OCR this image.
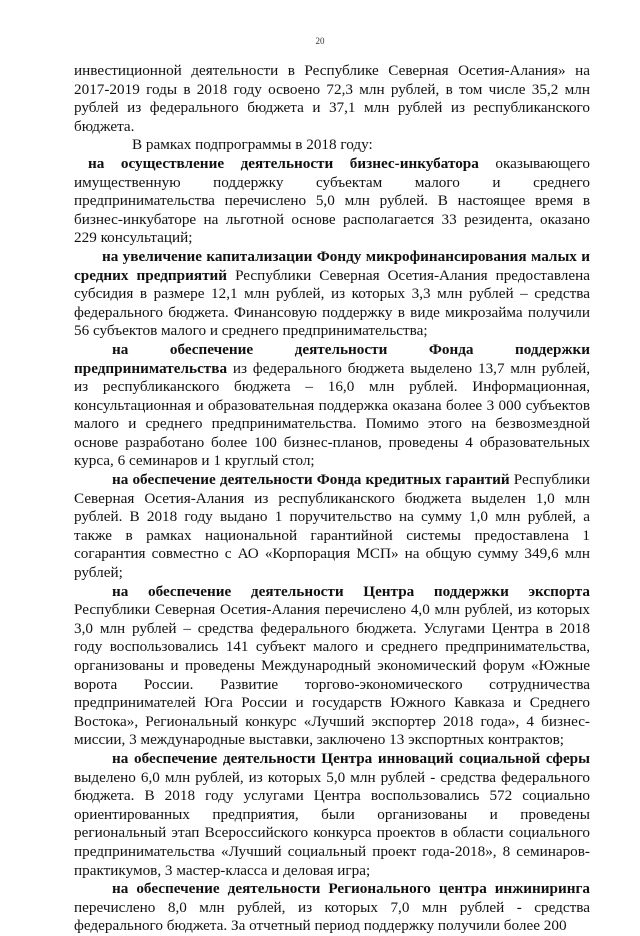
20

инвестиционной деятельности в Республике Северная Осетия-Алания» на 2017-2019 годы в 2018 году освоено 72,3 млн рублей, в том числе 35,2 млн рублей из федерального бюджета и 37,1 млн рублей из республиканского бюджета.

В рамках подпрограммы в 2018 году:

на осуществление деятельности бизнес-инкубатора оказывающего имущественную поддержку субъектам малого и среднего предпринимательства перечислено 5,0 млн рублей. В настоящее время в бизнес-инкубаторе на льготной основе располагается 33 резидента, оказано 229 консультаций;

на увеличение капитализации Фонду микрофинансирования малых и средних предприятий Республики Северная Осетия-Алания предоставлена субсидия в размере 12,1 млн рублей, из которых 3,3 млн рублей – средства федерального бюджета. Финансовую поддержку в виде микрозайма получили 56 субъектов малого и среднего предпринимательства;

на обеспечение деятельности Фонда поддержки предпринимательства из федерального бюджета выделено 13,7 млн рублей, из республиканского бюджета – 16,0 млн рублей. Информационная, консультационная и образовательная поддержка оказана более 3 000 субъектов малого и среднего предпринимательства. Помимо этого на безвозмездной основе разработано более 100 бизнес-планов, проведены 4 образовательных курса, 6 семинаров и 1 круглый стол;

на обеспечение деятельности Фонда кредитных гарантий Республики Северная Осетия-Алания из республиканского бюджета выделен 1,0 млн рублей. В 2018 году выдано 1 поручительство на сумму 1,0 млн рублей, а также в рамках национальной гарантийной системы предоставлена 1 согарантия совместно с АО «Корпорация МСП» на общую сумму 349,6 млн рублей;

на обеспечение деятельности Центра поддержки экспорта Республики Северная Осетия-Алания перечислено 4,0 млн рублей, из которых 3,0 млн рублей – средства федерального бюджета. Услугами Центра в 2018 году воспользовались 141 субъект малого и среднего предпринимательства, организованы и проведены Международный экономический форум «Южные ворота России. Развитие торгово-экономического сотрудничества предпринимателей Юга России и государств Южного Кавказа и Среднего Востока», Региональный конкурс «Лучший экспортер 2018 года», 4 бизнес-миссии, 3 международные выставки, заключено 13 экспортных контрактов;

на обеспечение деятельности Центра инноваций социальной сферы выделено 6,0 млн рублей, из которых 5,0 млн рублей - средства федерального бюджета. В 2018 году услугами Центра воспользовались 572 социально ориентированных предприятия, были организованы и проведены региональный этап Всероссийского конкурса проектов в области социального предпринимательства «Лучший социальный проект года-2018», 8 семинаров-практикумов, 3 мастер-класса и деловая игра;

на обеспечение деятельности Регионального центра инжиниринга перечислено 8,0 млн рублей, из которых 7,0 млн рублей - средства федерального бюджета. За отчетный период поддержку получили более 200
